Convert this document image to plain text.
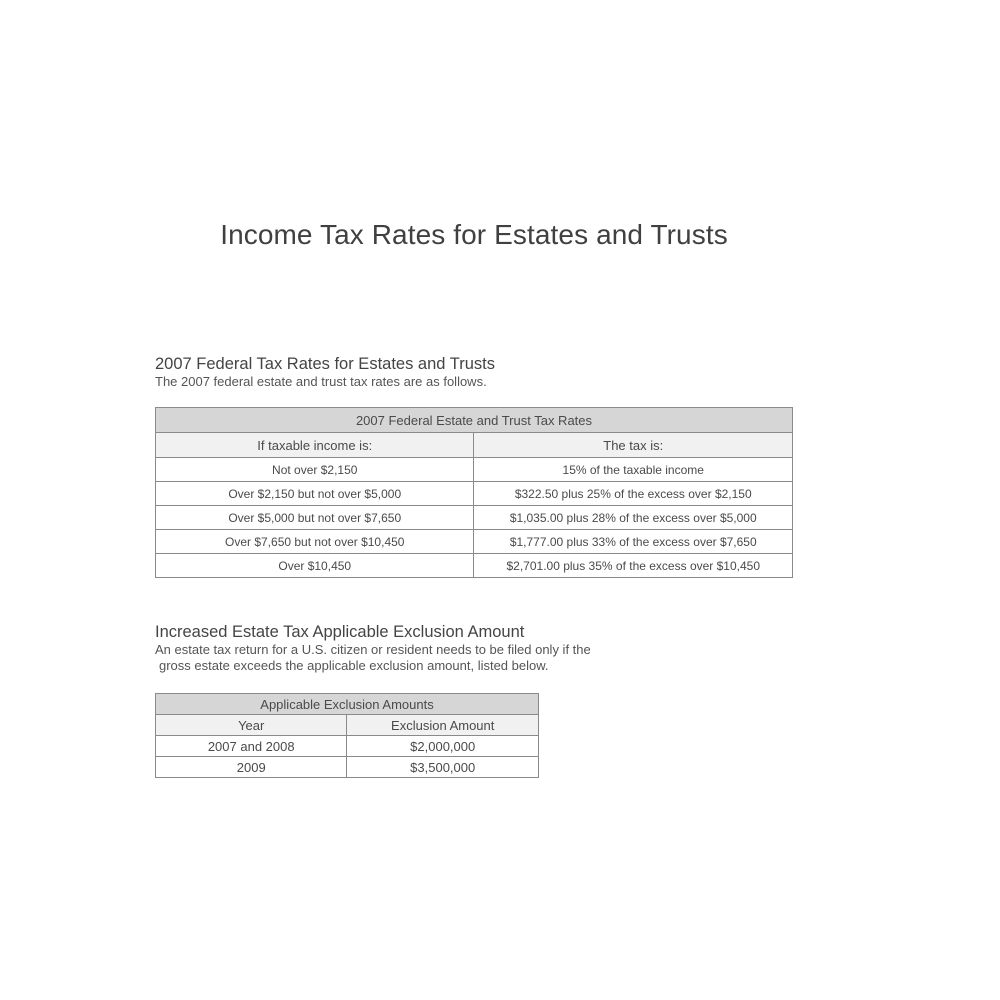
Income Tax Rates for Estates and Trusts
2007 Federal Tax Rates for Estates and Trusts
The 2007 federal estate and trust tax rates are as follows.
2007 Federal Estate and Trust Tax Rates	
If taxable income is:	The tax is:
Not over $2,150	15% of the taxable income
Over $2,150 but not over $5,000	$322.50 plus 25% of the excess over $2,150
Over $5,000 but not over $7,650	$1,035.00 plus 28% of the excess over $5,000
Over $7,650 but not over $10,450	$1,777.00 plus 33% of the excess over $7,650
Over $10,450	$2,701.00 plus 35% of the excess over $10,450
Increased Estate Tax Applicable Exclusion Amount
An estate tax return for a U.S. citizen or resident needs to be filed only if the
gross estate exceeds the applicable exclusion amount, listed below.
Applicable Exclusion Amounts	
Year	Exclusion Amount
2007 and 2008	$2,000,000
2009	$3,500,000
